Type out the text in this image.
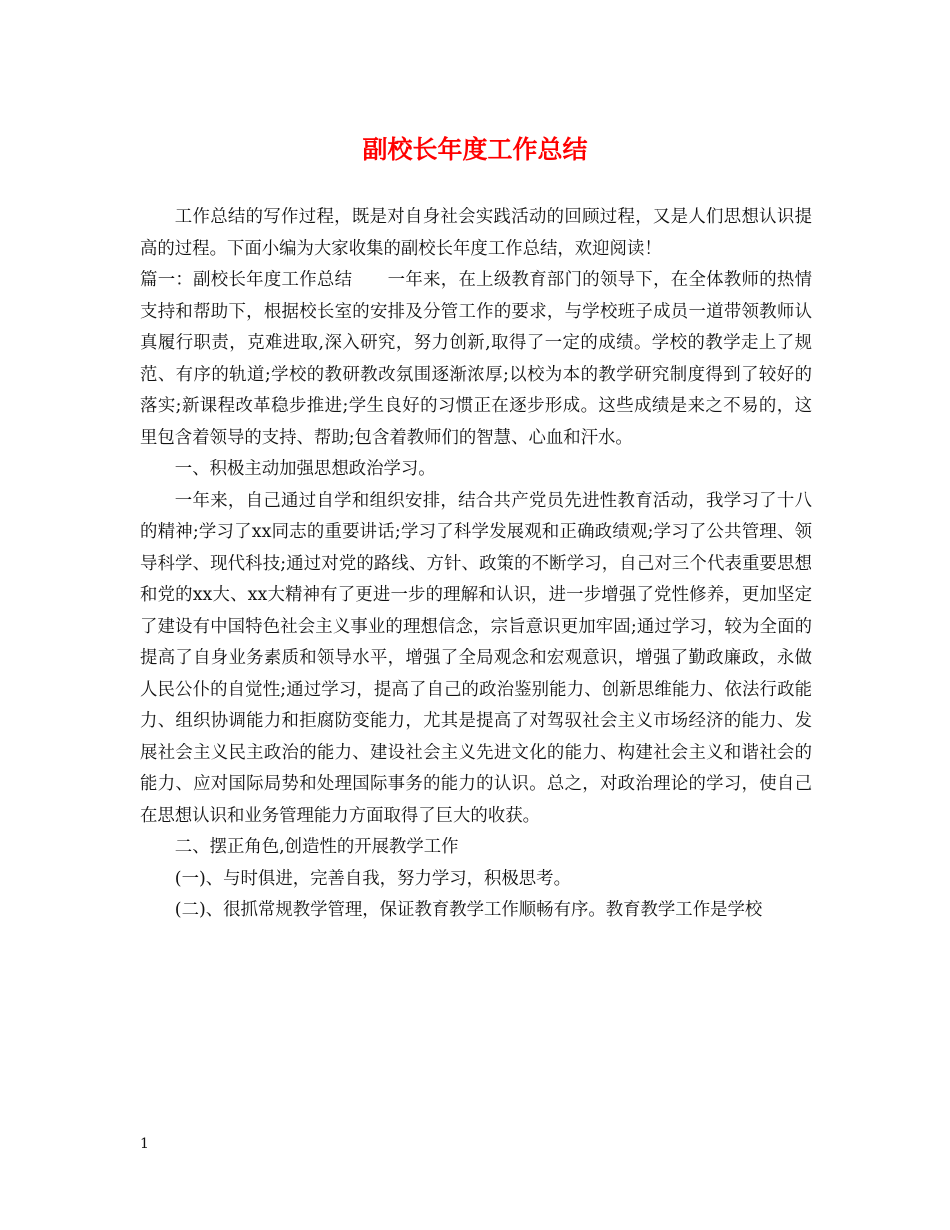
副校长年度工作总结

工作总结的写作过程，既是对自身社会实践活动的回顾过程，又是人们思想认识提高的过程。下面小编为大家收集的副校长年度工作总结，欢迎阅读！

篇一：副校长年度工作总结　　一年来，在上级教育部门的领导下，在全体教师的热情支持和帮助下，根据校长室的安排及分管工作的要求，与学校班子成员一道带领教师认真履行职责，克难进取,深入研究，努力创新,取得了一定的成绩。学校的教学走上了规范、有序的轨道;学校的教研教改氛围逐渐浓厚;以校为本的教学研究制度得到了较好的落实;新课程改革稳步推进;学生良好的习惯正在逐步形成。这些成绩是来之不易的，这里包含着领导的支持、帮助;包含着教师们的智慧、心血和汗水。

一、积极主动加强思想政治学习。

一年来，自己通过自学和组织安排，结合共产党员先进性教育活动，我学习了十八的精神;学习了xx同志的重要讲话;学习了科学发展观和正确政绩观;学习了公共管理、领导科学、现代科技;通过对党的路线、方针、政策的不断学习，自己对三个代表重要思想和党的xx大、xx大精神有了更进一步的理解和认识，进一步增强了党性修养，更加坚定了建设有中国特色社会主义事业的理想信念，宗旨意识更加牢固;通过学习，较为全面的提高了自身业务素质和领导水平，增强了全局观念和宏观意识，增强了勤政廉政，永做人民公仆的自觉性;通过学习，提高了自己的政治鉴别能力、创新思维能力、依法行政能力、组织协调能力和拒腐防变能力，尤其是提高了对驾驭社会主义市场经济的能力、发展社会主义民主政治的能力、建设社会主义先进文化的能力、构建社会主义和谐社会的能力、应对国际局势和处理国际事务的能力的认识。总之，对政治理论的学习，使自己在思想认识和业务管理能力方面取得了巨大的收获。

二、摆正角色,创造性的开展教学工作

(一)、与时俱进，完善自我，努力学习，积极思考。

(二)、很抓常规教学管理，保证教育教学工作顺畅有序。教育教学工作是学校

1
